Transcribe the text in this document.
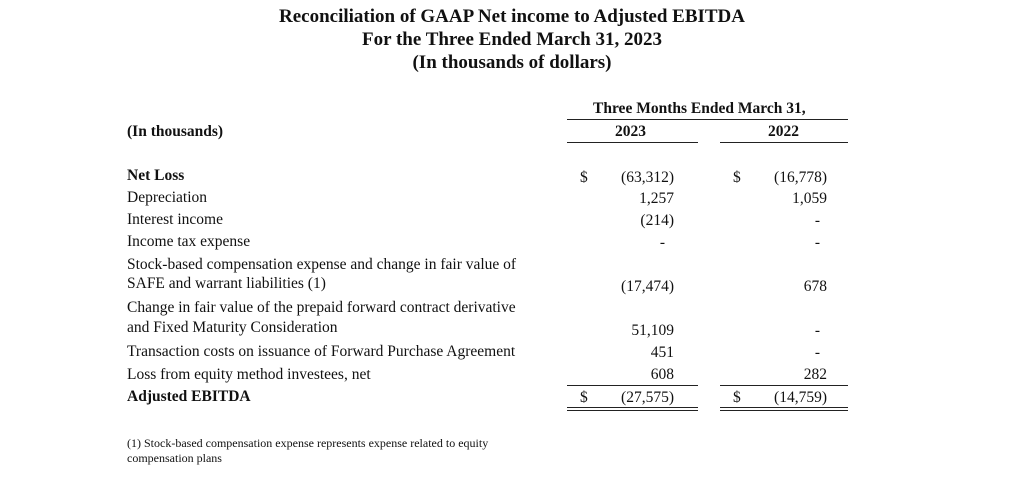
Reconciliation of GAAP Net income to Adjusted EBITDA
For the Three Ended March 31, 2023
(In thousands of dollars)
Three Months Ended March 31,
(In thousands)	2023	2022
Net Loss	$ (63,312)	$ (16,778)
Depreciation	1,257	1,059
Interest income	(214)	-
Income tax expense	-	-
Stock-based compensation expense and change in fair value of
SAFE and warrant liabilities (1)	(17,474)	678
Change in fair value of the prepaid forward contract derivative
and Fixed Maturity Consideration	51,109	-
Transaction costs on issuance of Forward Purchase Agreement	451	-
Loss from equity method investees, net	608	282
Adjusted EBITDA	$ (27,575)	$ (14,759)
(1) Stock-based compensation expense represents expense related to equity compensation plans
